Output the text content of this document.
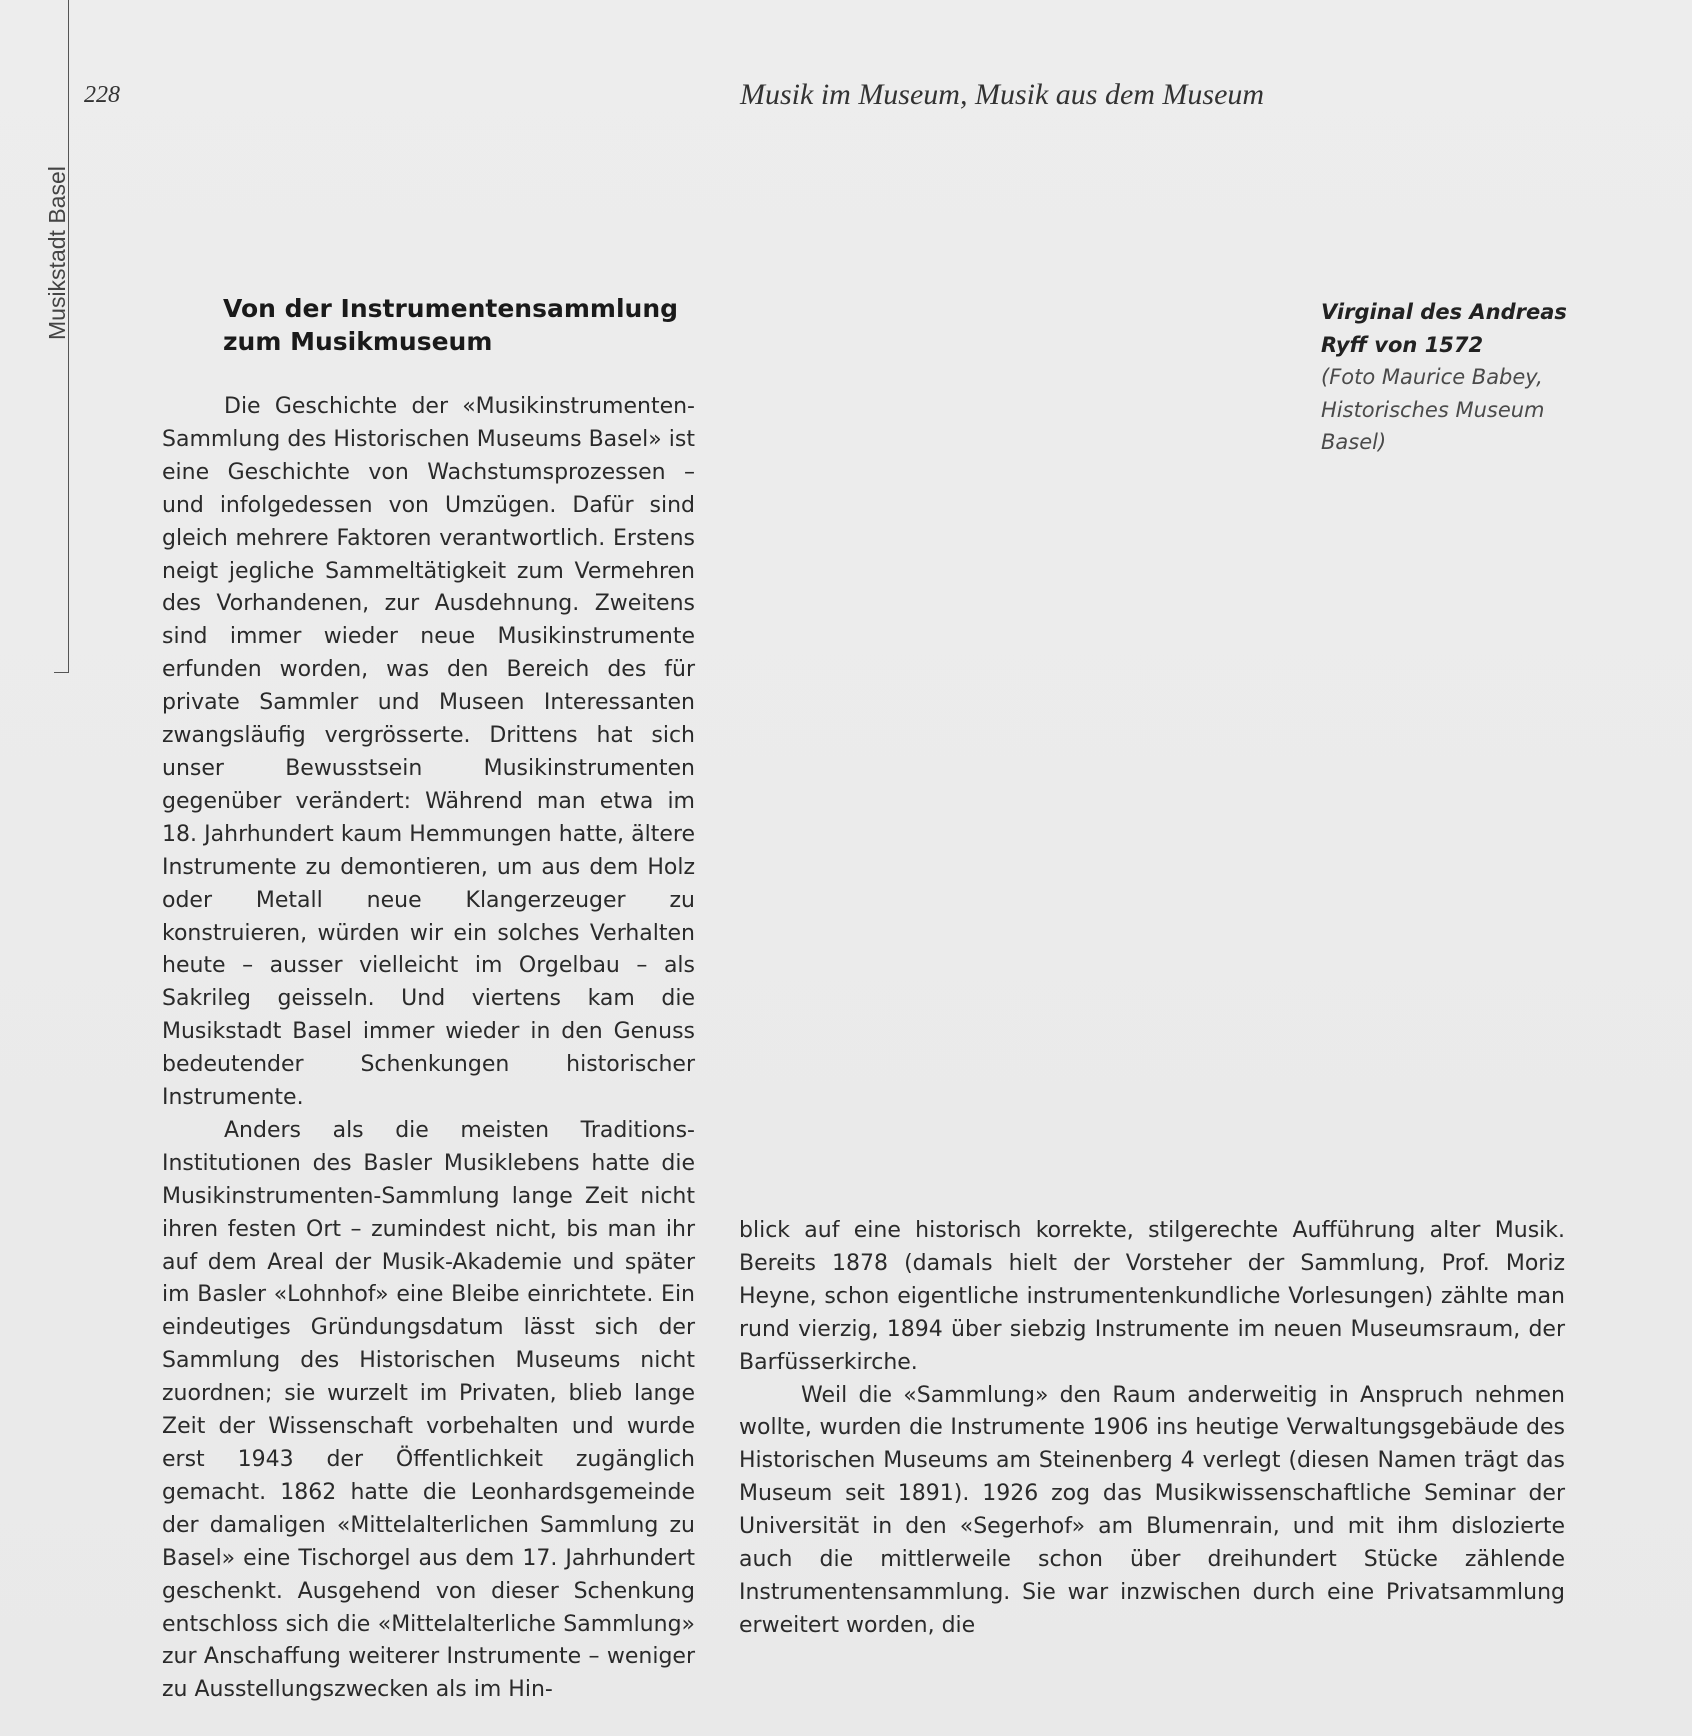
Musikstadt Basel
228	Musik im Museum, Musik aus dem Museum
Von der Instrumentensammlung
zum Musikmuseum
Virginal des Andreas
Ryff von 1572
(Foto Maurice Babey,
Historisches Museum
Basel)

Die Geschichte der «Musikinstrumenten-Sammlung des Historischen Museums Basel» ist eine Geschichte von Wachstumsprozessen – und infolgedessen von Umzügen. Dafür sind gleich mehrere Faktoren verantwortlich. Erstens neigt jegliche Sammeltätigkeit zum Vermehren des Vorhandenen, zur Ausdehnung. Zweitens sind immer wieder neue Musikinstrumente erfunden worden, was den Bereich des für private Sammler und Museen Interessanten zwangsläufig vergrösserte. Drittens hat sich unser Bewusstsein Musikinstrumenten gegenüber verändert: Während man etwa im 18. Jahrhundert kaum Hemmungen hatte, ältere Instrumente zu demontieren, um aus dem Holz oder Metall neue Klangerzeuger zu konstruieren, würden wir ein solches Verhalten heute – ausser vielleicht im Orgelbau – als Sakrileg geisseln. Und viertens kam die Musikstadt Basel immer wieder in den Genuss bedeutender Schenkungen historischer Instrumente.

Anders als die meisten Traditions-Institutionen des Basler Musiklebens hatte die Musikinstrumenten-Sammlung lange Zeit nicht ihren festen Ort – zumindest nicht, bis man ihr auf dem Areal der Musik-Akademie und später im Basler «Lohnhof» eine Bleibe einrichtete. Ein eindeutiges Gründungsdatum lässt sich der Sammlung des Historischen Museums nicht zuordnen; sie wurzelt im Privaten, blieb lange Zeit der Wissenschaft vorbehalten und wurde erst 1943 der Öffentlichkeit zugänglich gemacht. 1862 hatte die Leonhardsgemeinde der damaligen «Mittelalterlichen Sammlung zu Basel» eine Tischorgel aus dem 17. Jahrhundert geschenkt. Ausgehend von dieser Schenkung entschloss sich die «Mittelalterliche Sammlung» zur Anschaffung weiterer Instrumente – weniger zu Ausstellungszwecken als im Hin-

blick auf eine historisch korrekte, stilgerechte Aufführung alter Musik. Bereits 1878 (damals hielt der Vorsteher der Sammlung, Prof. Moriz Heyne, schon eigentliche instrumentenkundliche Vorlesungen) zählte man rund vierzig, 1894 über siebzig Instrumente im neuen Museumsraum, der Barfüsserkirche.

Weil die «Sammlung» den Raum anderweitig in Anspruch nehmen wollte, wurden die Instrumente 1906 ins heutige Verwaltungsgebäude des Historischen Museums am Steinenberg 4 verlegt (diesen Namen trägt das Museum seit 1891). 1926 zog das Musikwissenschaftliche Seminar der Universität in den «Segerhof» am Blumenrain, und mit ihm dislozierte auch die mittlerweile schon über dreihundert Stücke zählende Instrumentensammlung. Sie war inzwischen durch eine Privatsammlung erweitert worden, die
